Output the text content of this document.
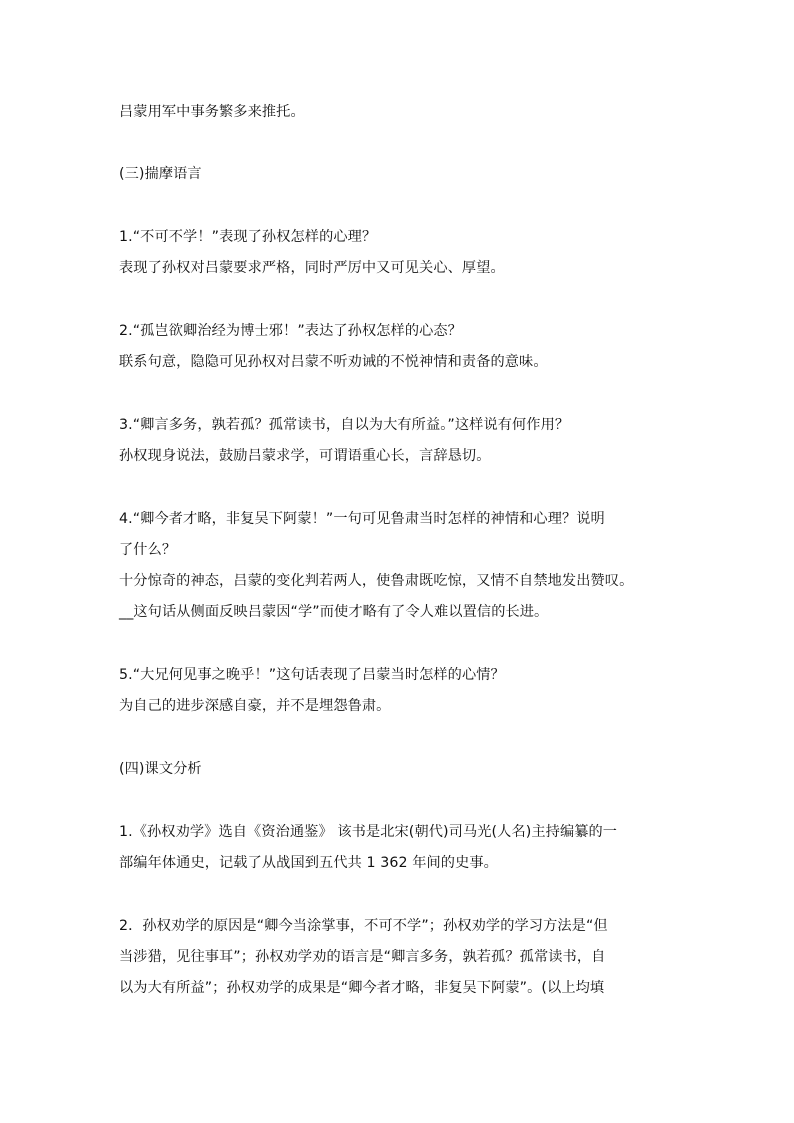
吕蒙用军中事务繁多来推托。
(三)揣摩语言
1.“不可不学！”表现了孙权怎样的心理？
表现了孙权对吕蒙要求严格，同时严厉中又可见关心、厚望。
2.“孤岂欲卿治经为博士邪！”表达了孙权怎样的心态？
联系句意，隐隐可见孙权对吕蒙不听劝诫的不悦神情和责备的意味。
3.“卿言多务，孰若孤？孤常读书，自以为大有所益。”这样说有何作用？
孙权现身说法，鼓励吕蒙求学，可谓语重心长，言辞恳切。
4.“卿今者才略，非复吴下阿蒙！”一句可见鲁肃当时怎样的神情和心理？说明
了什么？
十分惊奇的神态，吕蒙的变化判若两人，使鲁肃既吃惊，又情不自禁地发出赞叹。
__这句话从侧面反映吕蒙因“学”而使才略有了令人难以置信的长进。
5.“大兄何见事之晚乎！”这句话表现了吕蒙当时怎样的心情？
为自己的进步深感自豪，并不是埋怨鲁肃。
(四)课文分析
1.《孙权劝学》选自《资治通鉴》 该书是北宋(朝代)司马光(人名)主持编纂的一
部编年体通史，记载了从战国到五代共 1 362 年间的史事。
2．孙权劝学的原因是“卿今当涂掌事，不可不学”；孙权劝学的学习方法是“但
当涉猎，见往事耳”；孙权劝学劝的语言是“卿言多务，孰若孤？孤常读书，自
以为大有所益”；孙权劝学的成果是“卿今者才略，非复吴下阿蒙”。(以上均填
